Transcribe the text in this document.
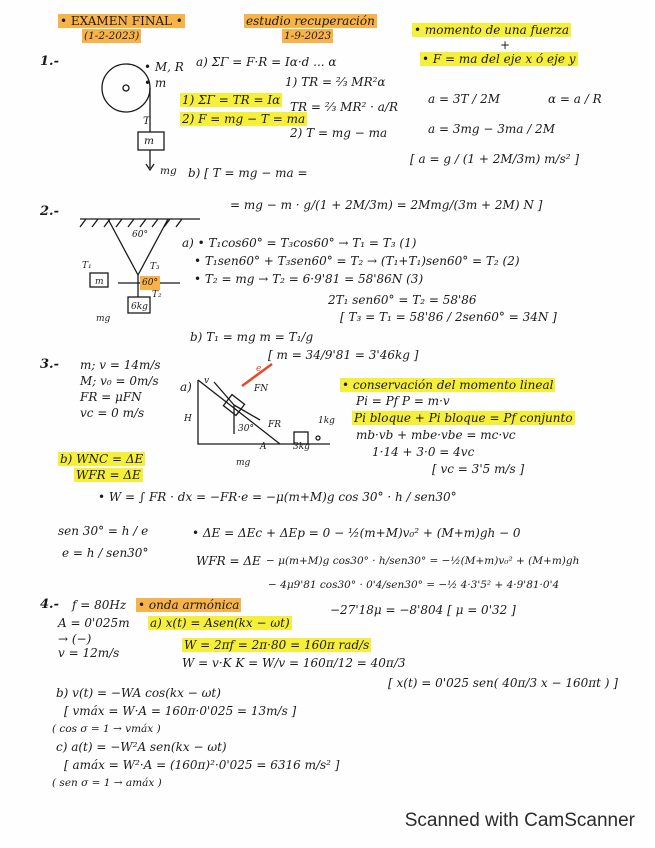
• EXAMEN FINAL •
(1-2-2023)
estudio recuperación
1-9-2023	• momento de una fuerza
+
• F = ma del eje x ó eje y
1.-
T
m
mg
• M, R
• m
a) ΣΓ = F·R = Iα·d ... α
1) ΣΓ = TR = Iα
2) F = mg − T = ma
1) TR = ⅔ MR²α
TR = ⅔ MR² · a/R
2) T = mg − ma
a = 3T / 2M	α = a / R
a = 3mg − 3ma / 2M
[ a = g / (1 + 2M/3m) m/s² ]
b) [ T = mg − ma =
= mg − m · g/(1 + 2M/3m) = 2Mmg/(3m + 2M) N ]
2.-
60°
60°
T₁	T₃
T₂
m
6kg
mg
a) • T₁cos60° = T₃cos60° → T₁ = T₃ (1)
• T₁sen60° + T₃sen60° = T₂ → (T₁+T₁)sen60° = T₂ (2)
• T₂ = mg → T₂ = 6·9'81 = 58'86N (3)
2T₁ sen60° = T₂ = 58'86
[ T₃ = T₁ = 58'86 / 2sen60° = 34N ]
b) T₁ = mg m = T₁/g
[ m = 34/9'81 = 3'46kg ]
3.- m; v = 14m/s
M; v₀ = 0m/s
FR = μFN
vc = 0 m/s
a)
e
FN
FR
v
H
30°
mg
3kg
1kg
A
• conservación del momento lineal
Pi = Pf P = m·v
Pi bloque + Pi bloque = Pf conjunto
mb·vb + mbe·vbe = mc·vc
1·14 + 3·0 = 4vc
[ vc = 3'5 m/s ]
b) WNC = ΔE
WFR = ΔE
• W = ∫ FR · dx = −FR·e = −μ(m+M)g cos 30° · h / sen30°
sen 30° = h / e
e = h / sen30°
• ΔE = ΔEc + ΔEp = 0 − ½(m+M)v₀² + (M+m)gh − 0
WFR = ΔE − μ(m+M)g cos30° · h/sen30° = −½(M+m)v₀² + (M+m)gh
− 4μ9'81 cos30° · 0'4/sen30° = −½ 4·3'5² + 4·9'81·0'4
−27'18μ = −8'804 [ μ = 0'32 ]
4.- f = 80Hz • onda armónica
A = 0'025m a) x(t) = Asen(kx − ωt)
→ (−)
v = 12m/s
W = 2πf = 2π·80 = 160π rad/s
W = v·K K = W/v = 160π/12 = 40π/3
[ x(t) = 0'025 sen( 40π/3 x − 160πt ) ]
b) v(t) = −WA cos(kx − ωt)
[ vmáx = W·A = 160π·0'025 = 13m/s ]
( cos σ = 1 → vmáx )
c) a(t) = −W²A sen(kx − ωt)
[ amáx = W²·A = (160π)²·0'025 = 6316 m/s² ]
( sen σ = 1 → amáx )
Scanned with CamScanner
